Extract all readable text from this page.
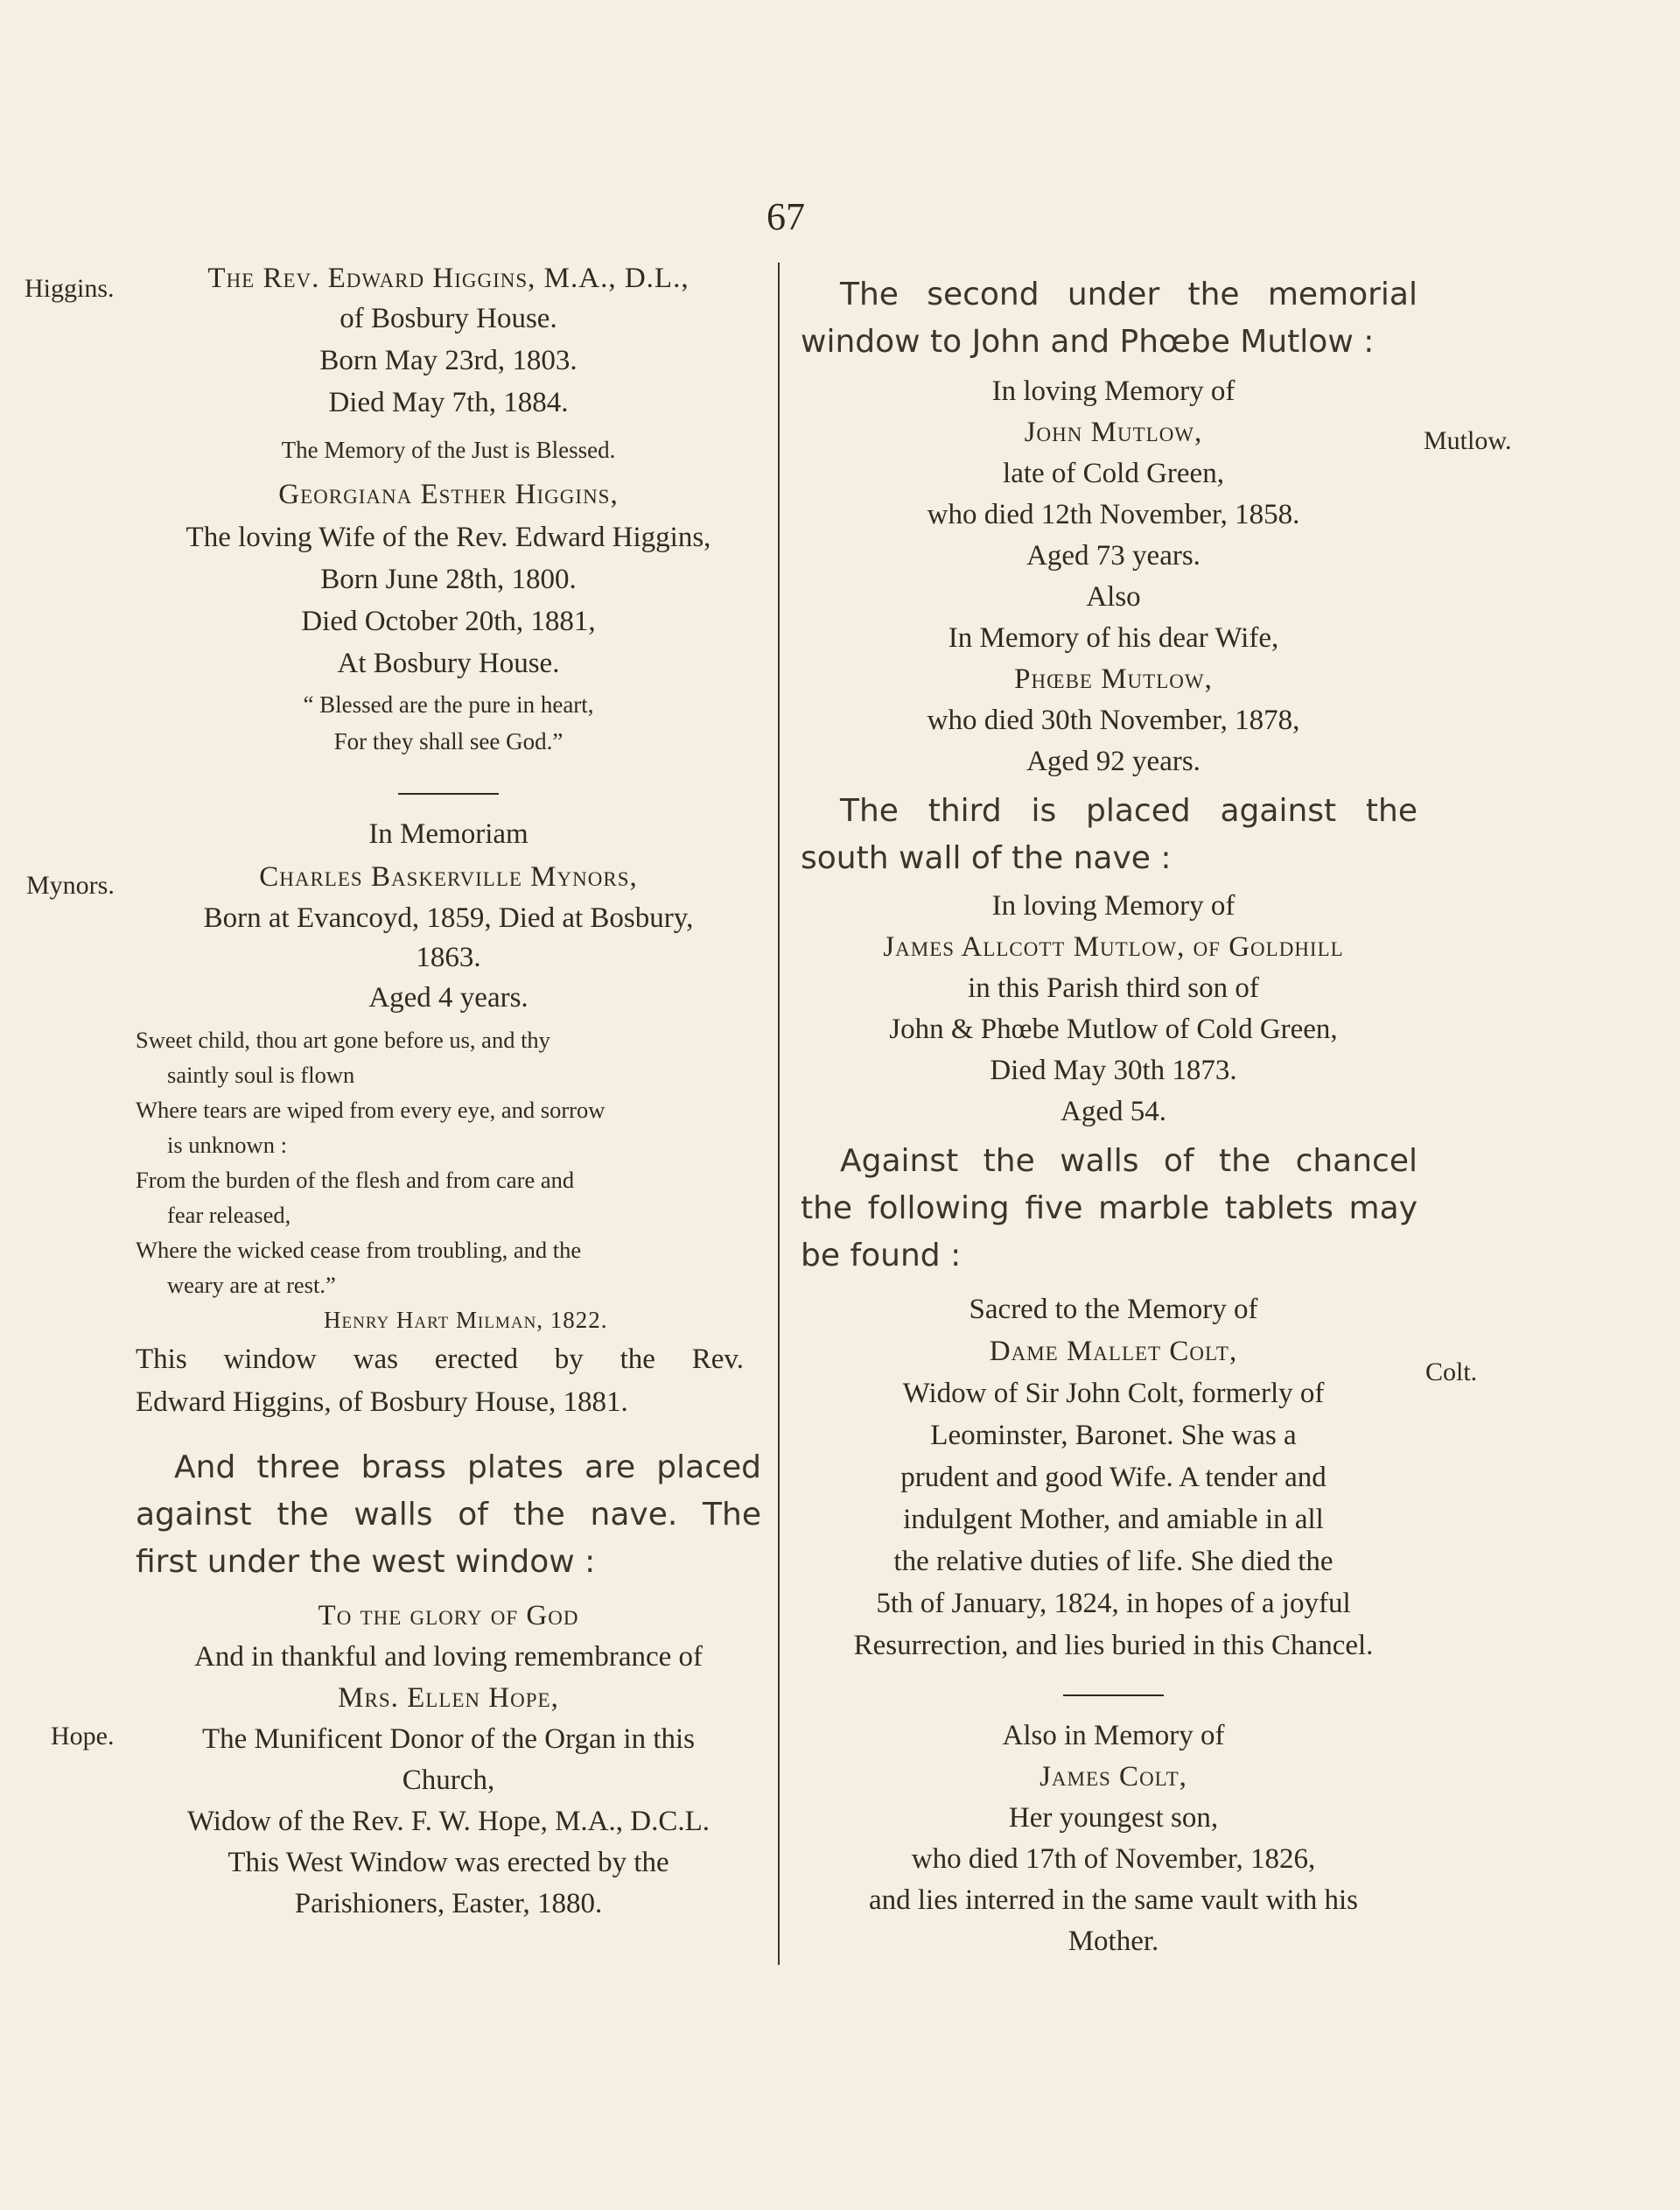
67
Higgins.
Mynors.
Hope.
Mutlow.
Colt.
The Rev. Edward Higgins, M.A., D.L.,
of Bosbury House.
Born May 23rd, 1803.
Died May 7th, 1884.
The Memory of the Just is Blessed.
Georgiana Esther Higgins,
The loving Wife of the Rev. Edward Higgins,
Born June 28th, 1800.
Died October 20th, 1881,
At Bosbury House.
“ Blessed are the pure in heart,
For they shall see God.”
In Memoriam
Charles Baskerville Mynors,
Born at Evancoyd, 1859, Died at Bosbury,
1863.
Aged 4 years.
Sweet child, thou art gone before us, and thy
saintly soul is flown
Where tears are wiped from every eye, and sorrow
is unknown :
From the burden of the flesh and from care and
fear released,
Where the wicked cease from troubling, and the
weary are at rest.”
Henry Hart Milman, 1822.
This window was erected by the Rev.
Edward Higgins, of Bosbury House, 1881.
And three brass plates are placed
against the walls of the nave. The
first under the west window :
To the glory of God
And in thankful and loving remembrance of
Mrs. Ellen Hope,
The Munificent Donor of the Organ in this
Church,
Widow of the Rev. F. W. Hope, M.A., D.C.L.
This West Window was erected by the
Parishioners, Easter, 1880.
The second under the memorial
window to John and Phœbe Mutlow :
In loving Memory of
John Mutlow,
late of Cold Green,
who died 12th November, 1858.
Aged 73 years.
Also
In Memory of his dear Wife,
Phœbe Mutlow,
who died 30th November, 1878,
Aged 92 years.
The third is placed against the
south wall of the nave :
In loving Memory of
James Allcott Mutlow, of Goldhill
in this Parish third son of
John & Phœbe Mutlow of Cold Green,
Died May 30th 1873.
Aged 54.
Against the walls of the chancel
the following five marble tablets may
be found :
Sacred to the Memory of
Dame Mallet Colt,
Widow of Sir John Colt, formerly of
Leominster, Baronet. She was a
prudent and good Wife. A tender and
indulgent Mother, and amiable in all
the relative duties of life. She died the
5th of January, 1824, in hopes of a joyful
Resurrection, and lies buried in this Chancel.
Also in Memory of
James Colt,
Her youngest son,
who died 17th of November, 1826,
and lies interred in the same vault with his
Mother.
